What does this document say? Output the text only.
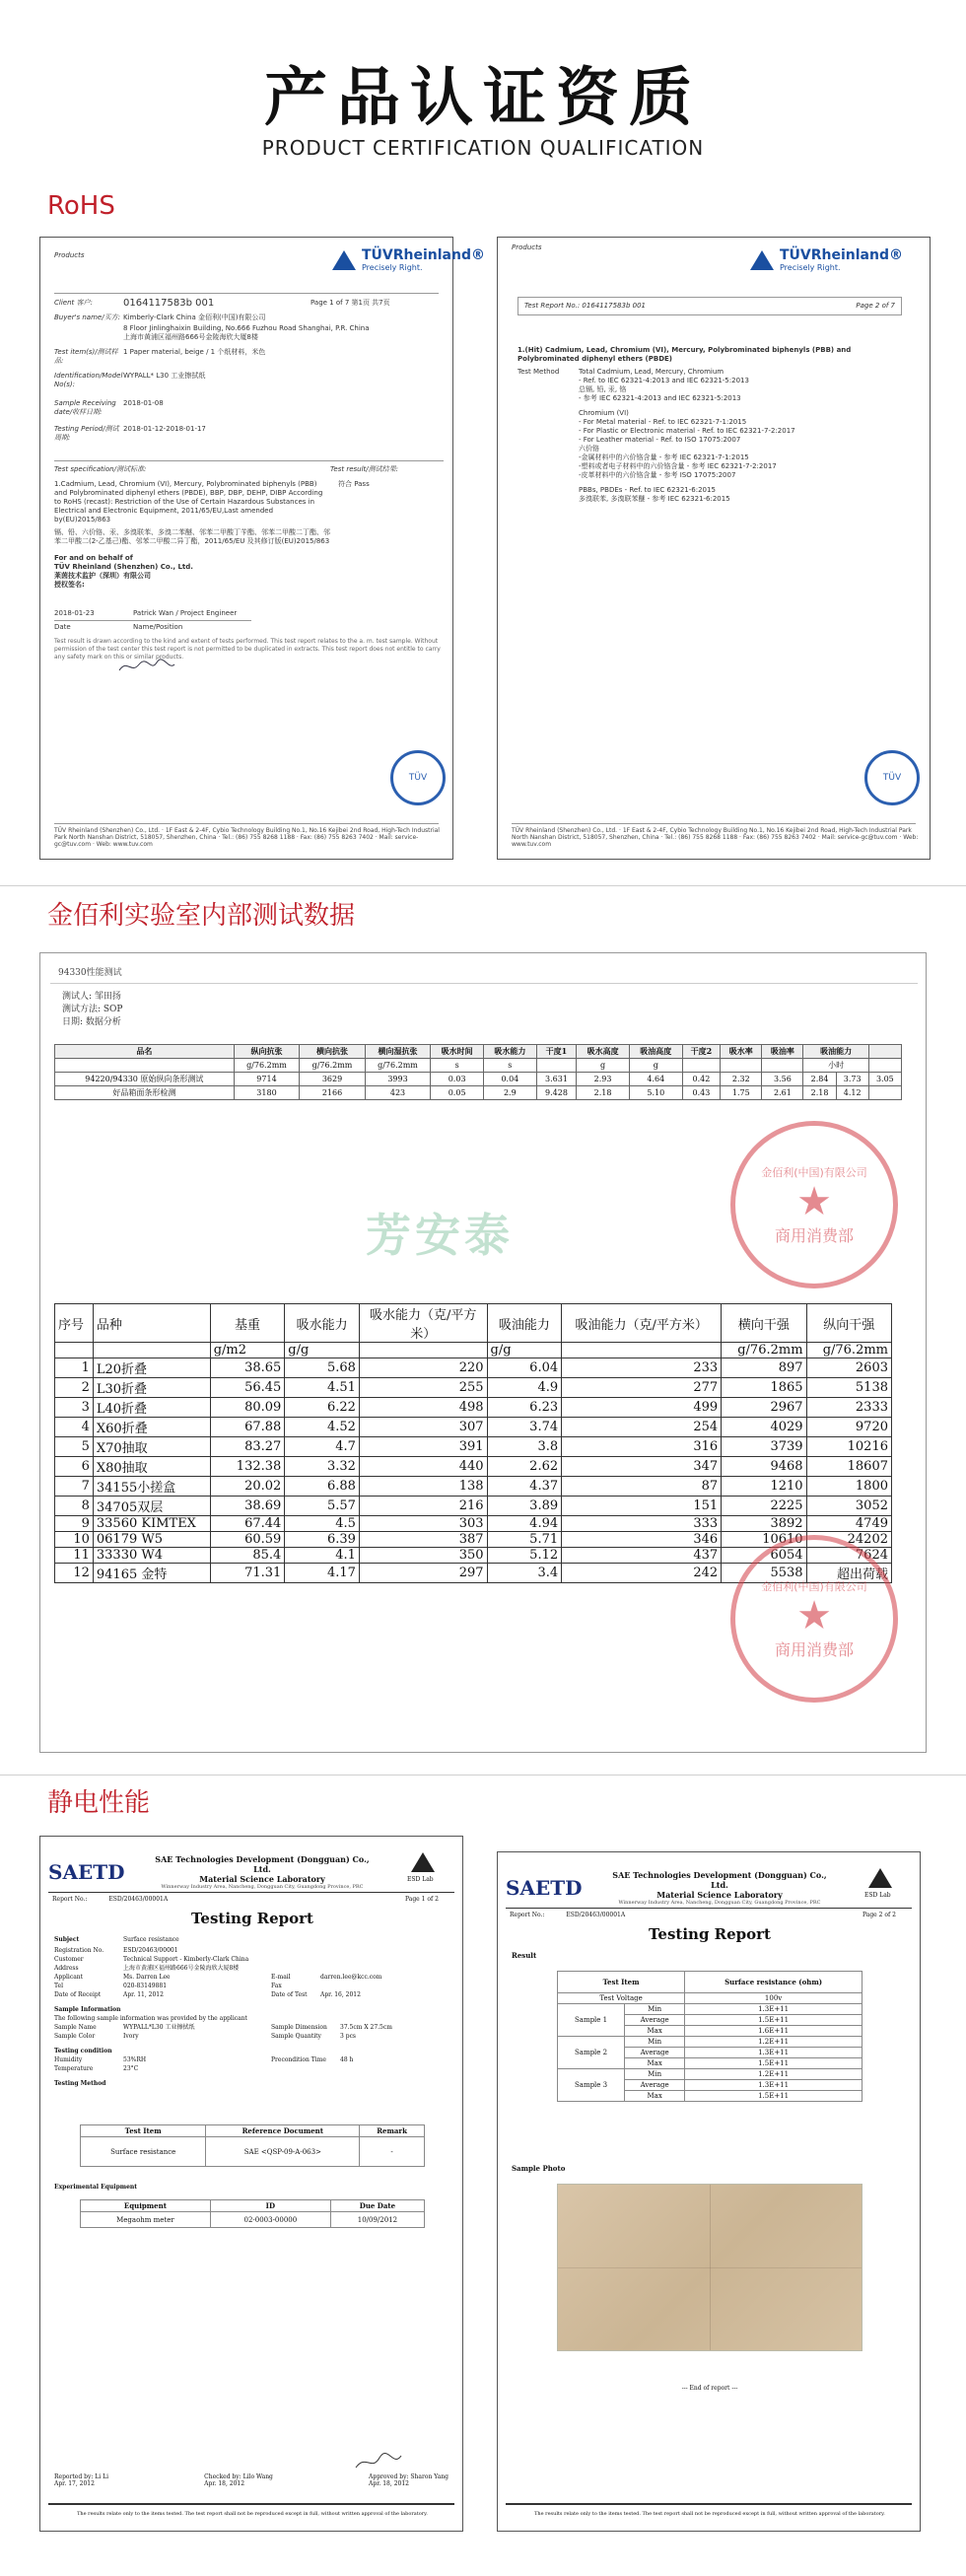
产品认证资质
PRODUCT CERTIFICATION QUALIFICATION
RoHS
Products	TÜVRheinland®
Precisely Right.
Client 客户:	0164117583b 001	Page 1 of 7 第1页 共7页
Buyer's name/买方: Kimberly-Clark China 金佰利(中国)有限公司
8 Floor Jinlinghaixin Building, No.666 Fuzhou Road Shanghai, P.R. China
上海市黄浦区福州路666号金陵海欣大厦8楼
Test item(s)/测试样品:
1 Paper material, beige / 1 个纸材料，米色
Identification/Model No(s):
WYPALL* L30 工业擦拭纸
Sample Receiving date/收样日期:
2018-01-08
Testing Period/测试周期:
2018-01-12-2018-01-17
Test specification/测试标准:	Test result/测试结果:
1.Cadmium, Lead, Chromium (VI), Mercury, Polybrominated biphenyls (PBB) and Polybrominated diphenyl ethers (PBDE), BBP, DBP, DEHP, DIBP According to RoHS (recast): Restriction of the Use of Certain Hazardous Substances in Electrical and Electronic Equipment, 2011/65/EU,Last amended by(EU)2015/863
符合 Pass
镉、铅、六价铬、汞、多溴联苯、多溴二苯醚、邻苯二甲酸丁苄酯、邻苯二甲酸二丁酯、邻苯二甲酸二(2-乙基己)酯、邻苯二甲酸二异丁酯，2011/65/EU 及其修订版(EU)2015/863
For and on behalf of
TÜV Rheinland (Shenzhen) Co., Ltd.
莱茵技术监护（深圳）有限公司
授权签名:
2018-01-23	Patrick Wan / Project Engineer
Date	Name/Position
Test result is drawn according to the kind and extent of tests performed. This test report relates to the a. m. test sample. Without permission of the test center this test report is not permitted to be duplicated in extracts. This test report does not entitle to carry any safety mark on this or similar products.
TÜV
TÜV Rheinland (Shenzhen) Co., Ltd. · 1F East & 2-4F, Cybio Technology Building No.1, No.16 Kejibei 2nd Road, High-Tech Industrial Park North Nanshan District, 518057, Shenzhen, China · Tel.: (86) 755 8268 1188 · Fax: (86) 755 8263 7402 · Mail: service-gc@tuv.com · Web: www.tuv.com
Products	TÜVRheinland®
Precisely Right.
Test Report No.: 0164117583b 001	Page 2 of 7
1.(Hit) Cadmium, Lead, Chromium (VI), Mercury, Polybrominated biphenyls (PBB) and Polybrominated diphenyl ethers (PBDE)
Test Method	Total Cadmium, Lead, Mercury, Chromium
- Ref. to IEC 62321-4:2013 and IEC 62321-5:2013
总镉, 铅, 汞, 铬
- 参考 IEC 62321-4:2013 and IEC 62321-5:2013
Chromium (VI)
- For Metal material - Ref. to IEC 62321-7-1:2015
- For Plastic or Electronic material - Ref. to IEC 62321-7-2:2017
- For Leather material - Ref. to ISO 17075:2007
六价铬
-金属材料中的六价铬含量 - 参考 IEC 62321-7-1:2015
-塑料或者电子材料中的六价铬含量 - 参考 IEC 62321-7-2:2017
-皮革材料中的六价铬含量 - 参考 ISO 17075:2007
PBBs, PBDEs - Ref. to IEC 62321-6:2015
多溴联苯, 多溴联苯醚 - 参考 IEC 62321-6:2015
TÜV
TÜV Rheinland (Shenzhen) Co., Ltd. · 1F East & 2-4F, Cybio Technology Building No.1, No.16 Kejibei 2nd Road, High-Tech Industrial Park North Nanshan District, 518057, Shenzhen, China · Tel.: (86) 755 8268 1188 · Fax: (86) 755 8263 7402 · Mail: service-gc@tuv.com · Web: www.tuv.com
金佰利实验室内部测试数据
94330性能测试
测试人: 邹田扬
测试方法: SOP
日期: 数据分析
品名	纵向抗张	横向抗张	横向湿抗张	吸水时间	吸水能力	干度1	吸水高度	吸油高度	干度2	吸水率	吸油率	吸油能力		
	g/76.2mm	g/76.2mm	g/76.2mm	s	s		g	g				小时		
94220/94330 原始纵向条形测试	9714	3629	3993	0.03	0.04	3.631	2.93	4.64	0.42	2.32	3.56	2.84	3.73	3.05
好品箱面条形检测	3180	2166	423	0.05	2.9	9.428	2.18	5.10	0.43	1.75	2.61	2.18	4.12	
金佰利(中国)有限公司
★
商用消费部
芳安泰
序号	品种	基重	吸水能力	吸水能力（克/平方米）	吸油能力	吸油能力（克/平方米）	横向干强	纵向干强
		g/m2	g/g		g/g		g/76.2mm	g/76.2mm
1	L20折叠	38.65	5.68	220	6.04	233	897	2603
2	L30折叠	56.45	4.51	255	4.9	277	1865	5138
3	L40折叠	80.09	6.22	498	6.23	499	2967	2333
4	X60折叠	67.88	4.52	307	3.74	254	4029	9720
5	X70抽取	83.27	4.7	391	3.8	316	3739	10216
6	X80抽取	132.38	3.32	440	2.62	347	9468	18607
7	34155小搓盒	20.02	6.88	138	4.37	87	1210	1800
8	34705双层	38.69	5.57	216	3.89	151	2225	3052
9	33560 KIMTEX	67.44	4.5	303	4.94	333	3892	4749
10	06179 W5	60.59	6.39	387	5.71	346	10610	24202
11	33330 W4	85.4	4.1	350	5.12	437	6054	7624
12	94165 金特	71.31	4.17	297	3.4	242	5538	超出荷载
金佰利(中国)有限公司
★
商用消费部
静电性能
SAETD
SAE Technologies Development (Dongguan) Co., Ltd.
Material Science Laboratory
Winnerway Industry Area, Nancheng, Dongguan City, Guangdong Province, PRC
ESD Lab
Report No.:	ESD/20463/00001A	Page 1 of 2
Testing Report
Subject	Surface resistance
Registration No.	ESD/20463/00001
Customer	Technical Support - Kimberly-Clark China
Address	上海市黄浦区福州路666号金陵海欣大厦8楼
Applicant	Ms. Darren Lee	E-mail	darren.lee@kcc.com
Tel	020-83149881	Fax
Date of Receipt	Apr. 11, 2012	Date of Test	Apr. 16, 2012
Sample Information
The following sample information was provided by the applicant
Sample Name	WYPALL*L30 工业擦拭纸	Sample Dimension	37.5cm X 27.5cm
Sample Color	Ivory	Sample Quantity	3 pcs
Testing condition
Humidity	53%RH	Precondition Time	48 h
Temperature	23°C
Testing Method
Test Item	Reference Document	Remark
Surface resistance	SAE <QSP-09-A-063>	-
Experimental Equipment
Equipment	ID	Due Date
Megaohm meter	02-0003-00000	10/09/2012
Reported by: Li Li
Apr. 17, 2012
Checked by: Lilo Wang
Apr. 18, 2012
Approved by: Sharon Yang
Apr. 18, 2012
The results relate only to the items tested. The test report shall not be reproduced except in full, without written approval of the laboratory.
SAETD
SAE Technologies Development (Dongguan) Co., Ltd.
Material Science Laboratory
Winnerway Industry Area, Nancheng, Dongguan City, Guangdong Province, PRC
ESD Lab
Report No.:	ESD/20463/00001A	Page 2 of 2
Testing Report
Result
Test Item		Surface resistance (ohm)
Test Voltage		100v
Sample 1	Min	1.3E+11
	Average	1.5E+11
	Max	1.6E+11
Sample 2	Min	1.2E+11
	Average	1.3E+11
	Max	1.5E+11
Sample 3	Min	1.2E+11
	Average	1.3E+11
	Max	1.5E+11
Sample Photo
--- End of report ---
The results relate only to the items tested. The test report shall not be reproduced except in full, without written approval of the laboratory.
